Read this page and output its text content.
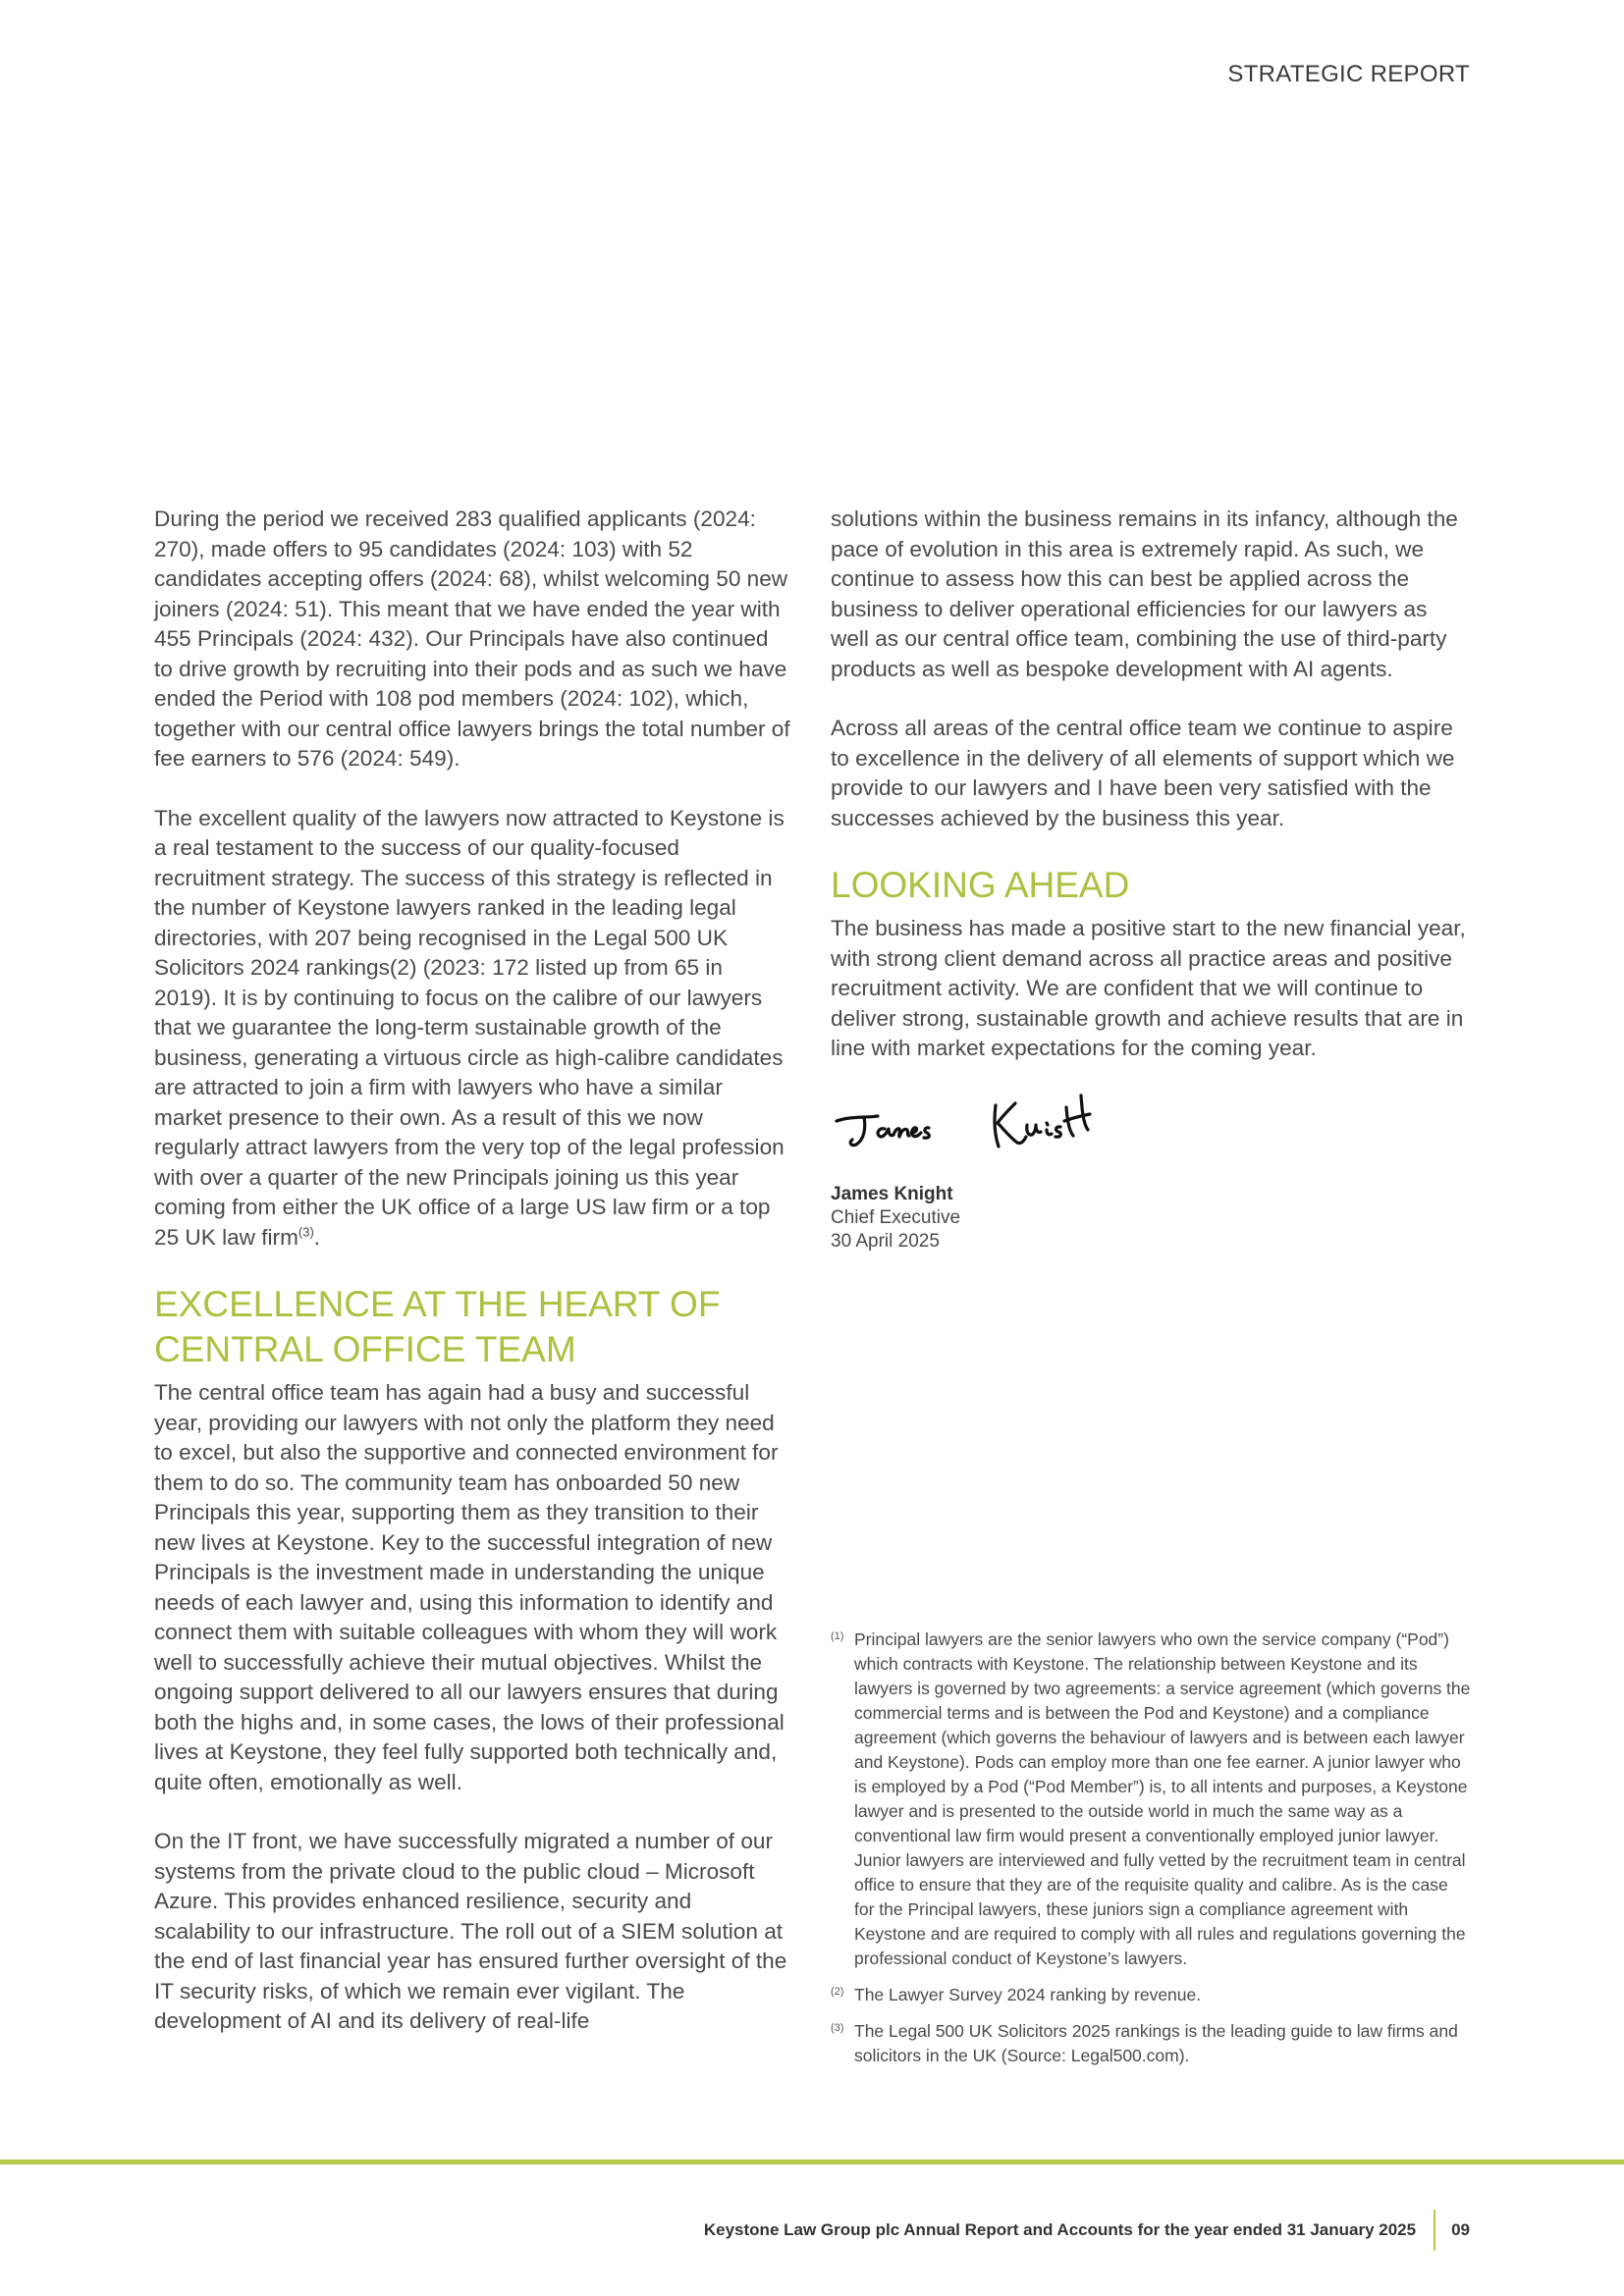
STRATEGIC REPORT

During the period we received 283 qualified applicants (2024: 270), made offers to 95 candidates (2024: 103) with 52 candidates accepting offers (2024: 68), whilst welcoming 50 new joiners (2024: 51). This meant that we have ended the year with 455 Principals (2024: 432). Our Principals have also continued to drive growth by recruiting into their pods and as such we have ended the Period with 108 pod members (2024: 102), which, together with our central office lawyers brings the total number of fee earners to 576 (2024: 549).

The excellent quality of the lawyers now attracted to Keystone is a real testament to the success of our quality-focused recruitment strategy. The success of this strategy is reflected in the number of Keystone lawyers ranked in the leading legal directories, with 207 being recognised in the Legal 500 UK Solicitors 2024 rankings(2) (2023: 172 listed up from 65 in 2019). It is by continuing to focus on the calibre of our lawyers that we guarantee the long-term sustainable growth of the business, generating a virtuous circle as high-calibre candidates are attracted to join a firm with lawyers who have a similar market presence to their own. As a result of this we now regularly attract lawyers from the very top of the legal profession with over a quarter of the new Principals joining us this year coming from either the UK office of a large US law firm or a top 25 UK law firm$^{(3)}$.

EXCELLENCE AT THE HEART OF CENTRAL OFFICE TEAM

The central office team has again had a busy and successful year, providing our lawyers with not only the platform they need to excel, but also the supportive and connected environment for them to do so. The community team has onboarded 50 new Principals this year, supporting them as they transition to their new lives at Keystone. Key to the successful integration of new Principals is the investment made in understanding the unique needs of each lawyer and, using this information to identify and connect them with suitable colleagues with whom they will work well to successfully achieve their mutual objectives. Whilst the ongoing support delivered to all our lawyers ensures that during both the highs and, in some cases, the lows of their professional lives at Keystone, they feel fully supported both technically and, quite often, emotionally as well.

On the IT front, we have successfully migrated a number of our systems from the private cloud to the public cloud – Microsoft Azure. This provides enhanced resilience, security and scalability to our infrastructure. The roll out of a SIEM solution at the end of last financial year has ensured further oversight of the IT security risks, of which we remain ever vigilant. The development of AI and its delivery of real-life

solutions within the business remains in its infancy, although the pace of evolution in this area is extremely rapid. As such, we continue to assess how this can best be applied across the business to deliver operational efficiencies for our lawyers as well as our central office team, combining the use of third-party products as well as bespoke development with AI agents.

Across all areas of the central office team we continue to aspire to excellence in the delivery of all elements of support which we provide to our lawyers and I have been very satisfied with the successes achieved by the business this year.

LOOKING AHEAD

The business has made a positive start to the new financial year, with strong client demand across all practice areas and positive recruitment activity. We are confident that we will continue to deliver strong, sustainable growth and achieve results that are in line with market expectations for the coming year.

James Knight
Chief Executive
30 April 2025
(1) Principal lawyers are the senior lawyers who own the service company (“Pod”) which contracts with Keystone. The relationship between Keystone and its lawyers is governed by two agreements: a service agreement (which governs the commercial terms and is between the Pod and Keystone) and a compliance agreement (which governs the behaviour of lawyers and is between each lawyer and Keystone). Pods can employ more than one fee earner. A junior lawyer who is employed by a Pod (“Pod Member”) is, to all intents and purposes, a Keystone lawyer and is presented to the outside world in much the same way as a conventional law firm would present a conventionally employed junior lawyer. Junior lawyers are interviewed and fully vetted by the recruitment team in central office to ensure that they are of the requisite quality and calibre. As is the case for the Principal lawyers, these juniors sign a compliance agreement with Keystone and are required to comply with all rules and regulations governing the professional conduct of Keystone’s lawyers.
(2) The Lawyer Survey 2024 ranking by revenue.
(3) The Legal 500 UK Solicitors 2025 rankings is the leading guide to law firms and solicitors in the UK (Source: Legal500.com).
Keystone Law Group plc Annual Report and Accounts for the year ended 31 January 2025	09
